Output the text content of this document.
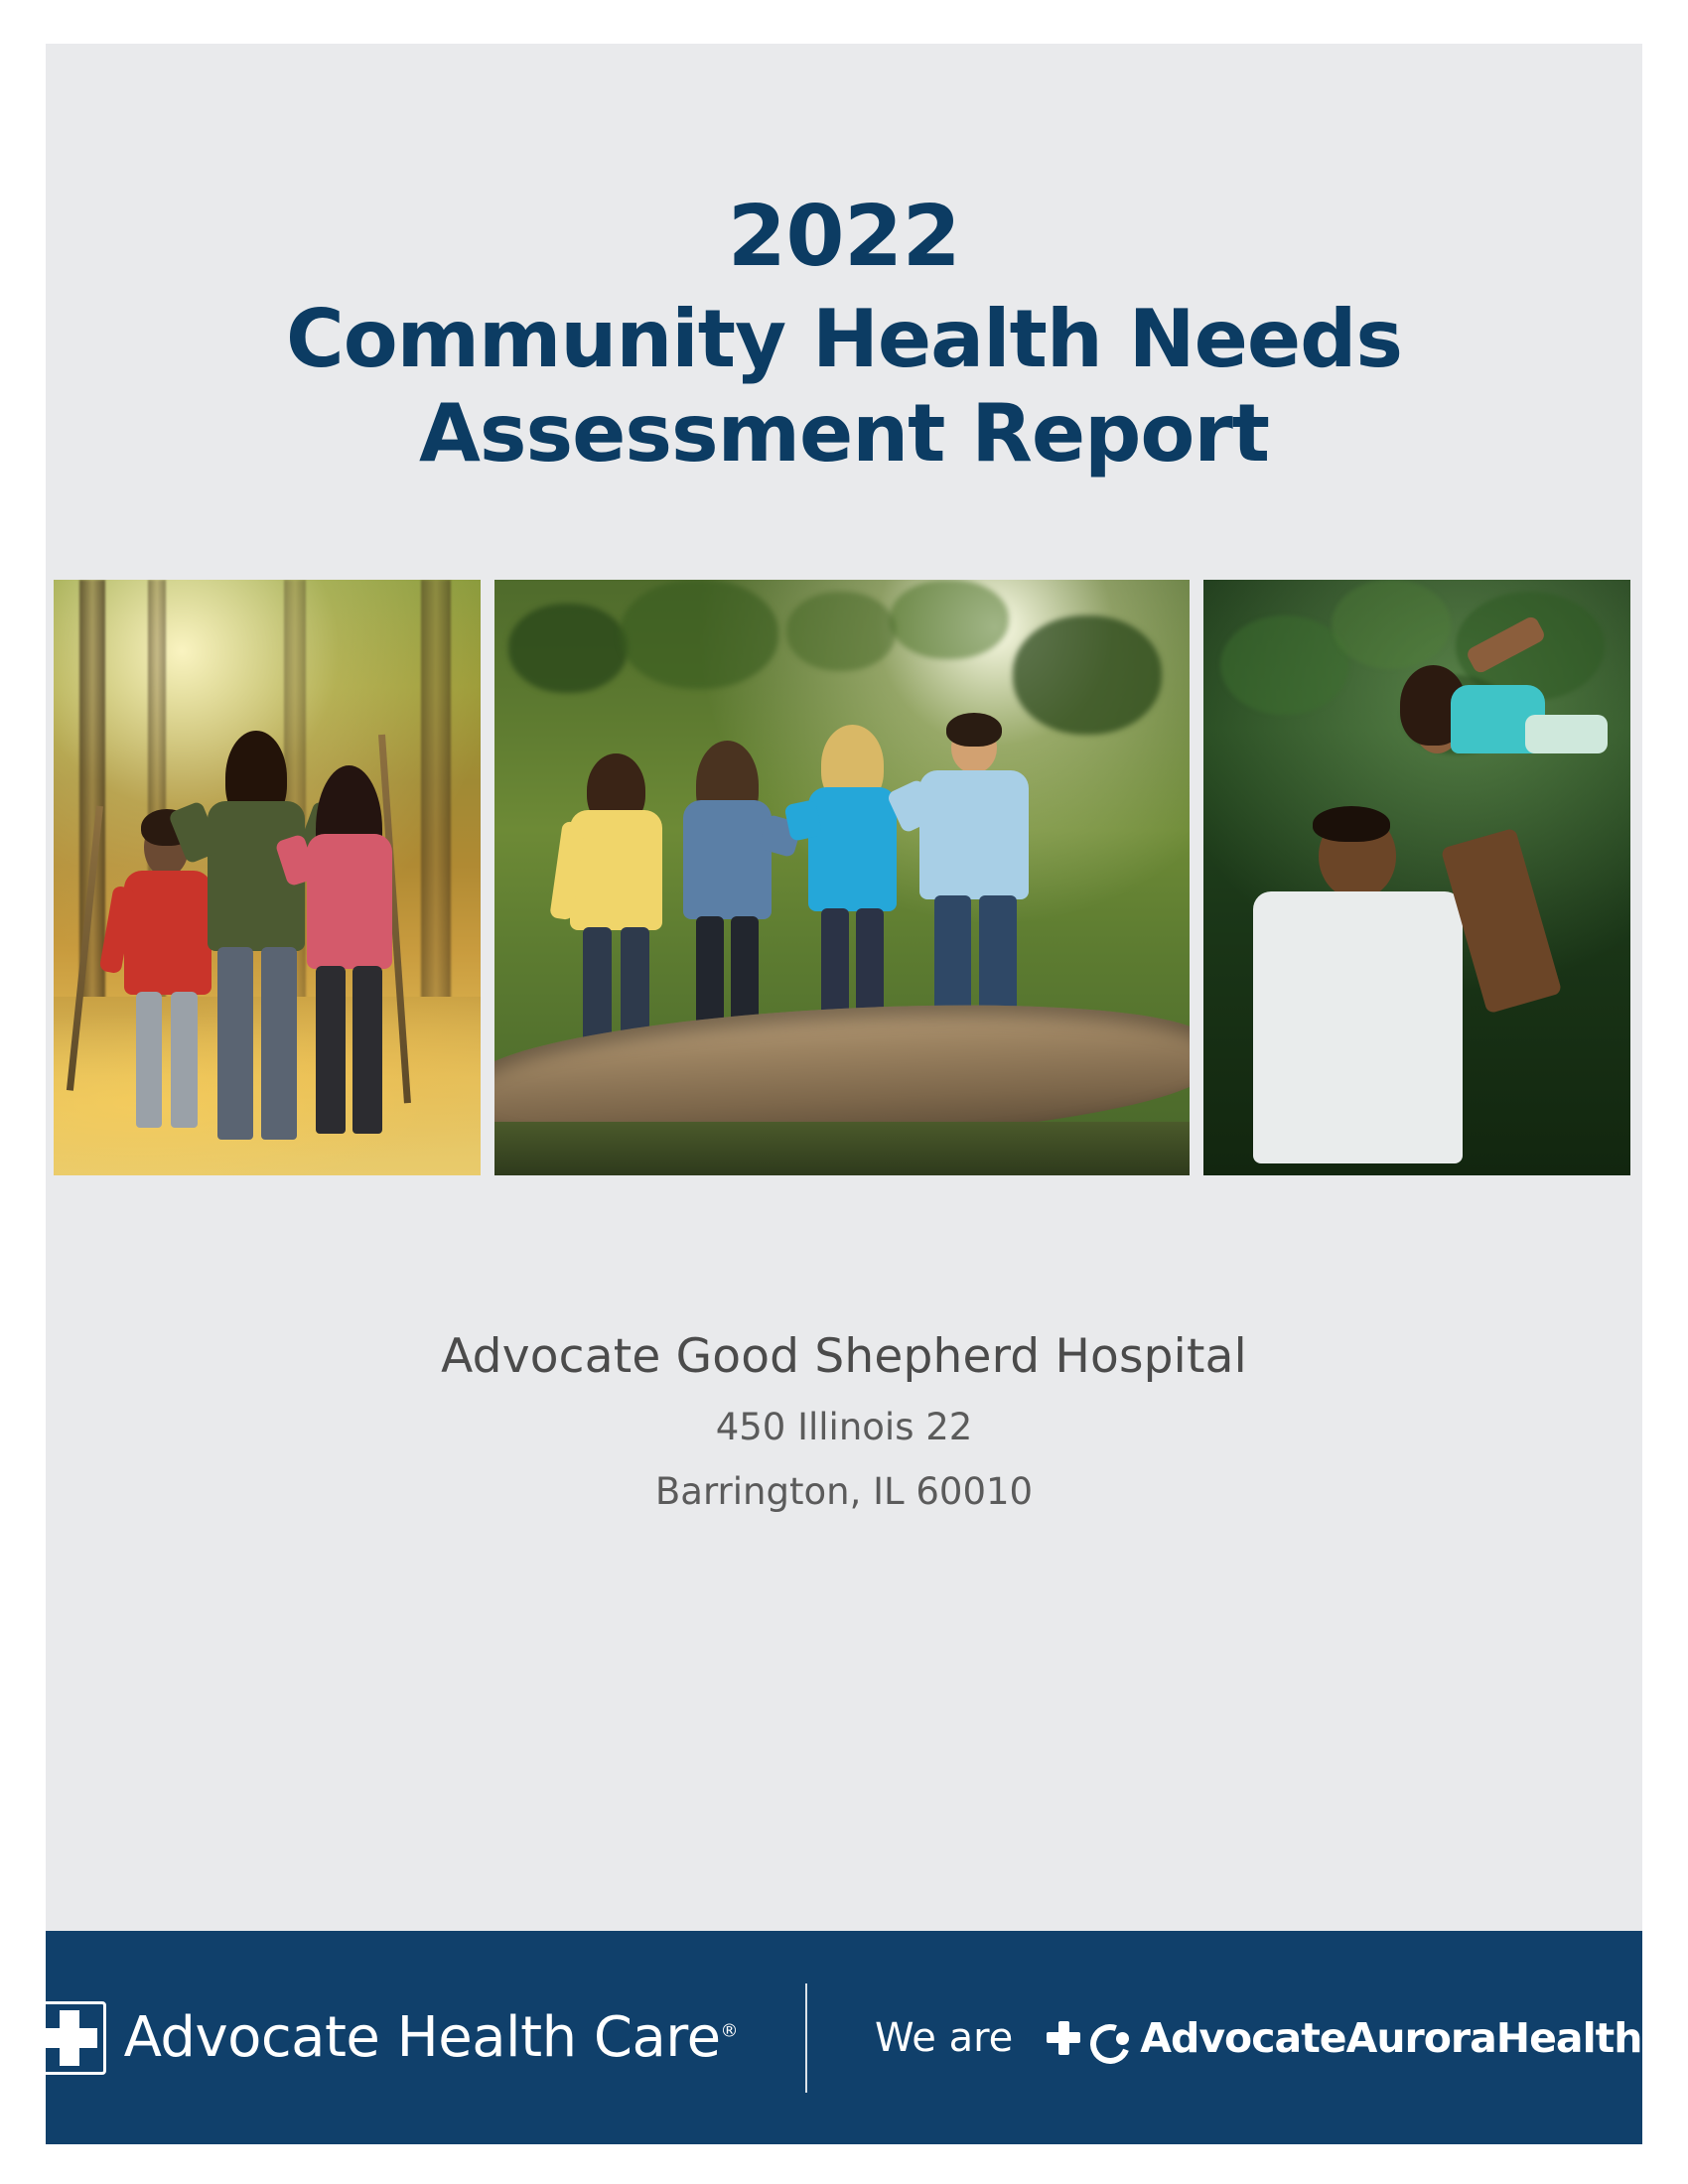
2022
Community Health Needs
Assessment Report
Advocate Good Shepherd Hospital
450 Illinois 22
Barrington, IL 60010
Advocate Health Care®	We are	AdvocateAuroraHealth™
